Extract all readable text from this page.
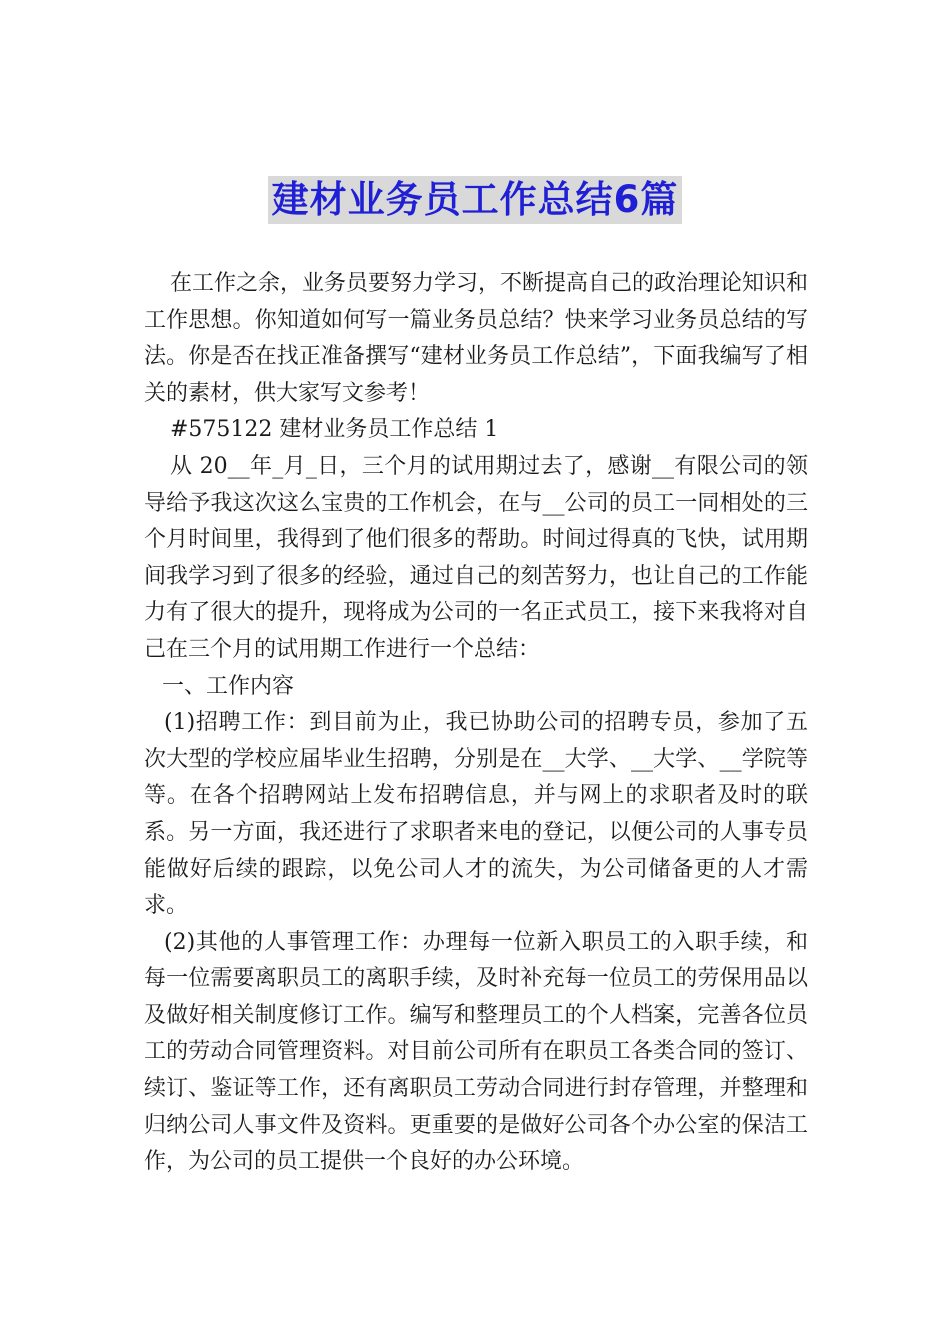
建材业务员工作总结6篇

在工作之余，业务员要努力学习，不断提高自己的政治理论知识和工作思想。你知道如何写一篇业务员总结？快来学习业务员总结的写法。你是否在找正准备撰写“建材业务员工作总结”，下面我编写了相关的素材，供大家写文参考！

#575122 建材业务员工作总结 1

从 20__年_月_日，三个月的试用期过去了，感谢__有限公司的领导给予我这次这么宝贵的工作机会，在与__公司的员工一同相处的三个月时间里，我得到了他们很多的帮助。时间过得真的飞快，试用期间我学习到了很多的经验，通过自己的刻苦努力，也让自己的工作能力有了很大的提升，现将成为公司的一名正式员工，接下来我将对自己在三个月的试用期工作进行一个总结：

一、工作内容

(1)招聘工作：到目前为止，我已协助公司的招聘专员，参加了五次大型的学校应届毕业生招聘，分别是在__大学、__大学、__学院等等。在各个招聘网站上发布招聘信息，并与网上的求职者及时的联系。另一方面，我还进行了求职者来电的登记，以便公司的人事专员能做好后续的跟踪，以免公司人才的流失，为公司储备更的人才需求。

(2)其他的人事管理工作：办理每一位新入职员工的入职手续，和每一位需要离职员工的离职手续，及时补充每一位员工的劳保用品以及做好相关制度修订工作。编写和整理员工的个人档案，完善各位员工的劳动合同管理资料。对目前公司所有在职员工各类合同的签订、续订、鉴证等工作，还有离职员工劳动合同进行封存管理，并整理和归纳公司人事文件及资料。更重要的是做好公司各个办公室的保洁工作，为公司的员工提供一个良好的办公环境。
